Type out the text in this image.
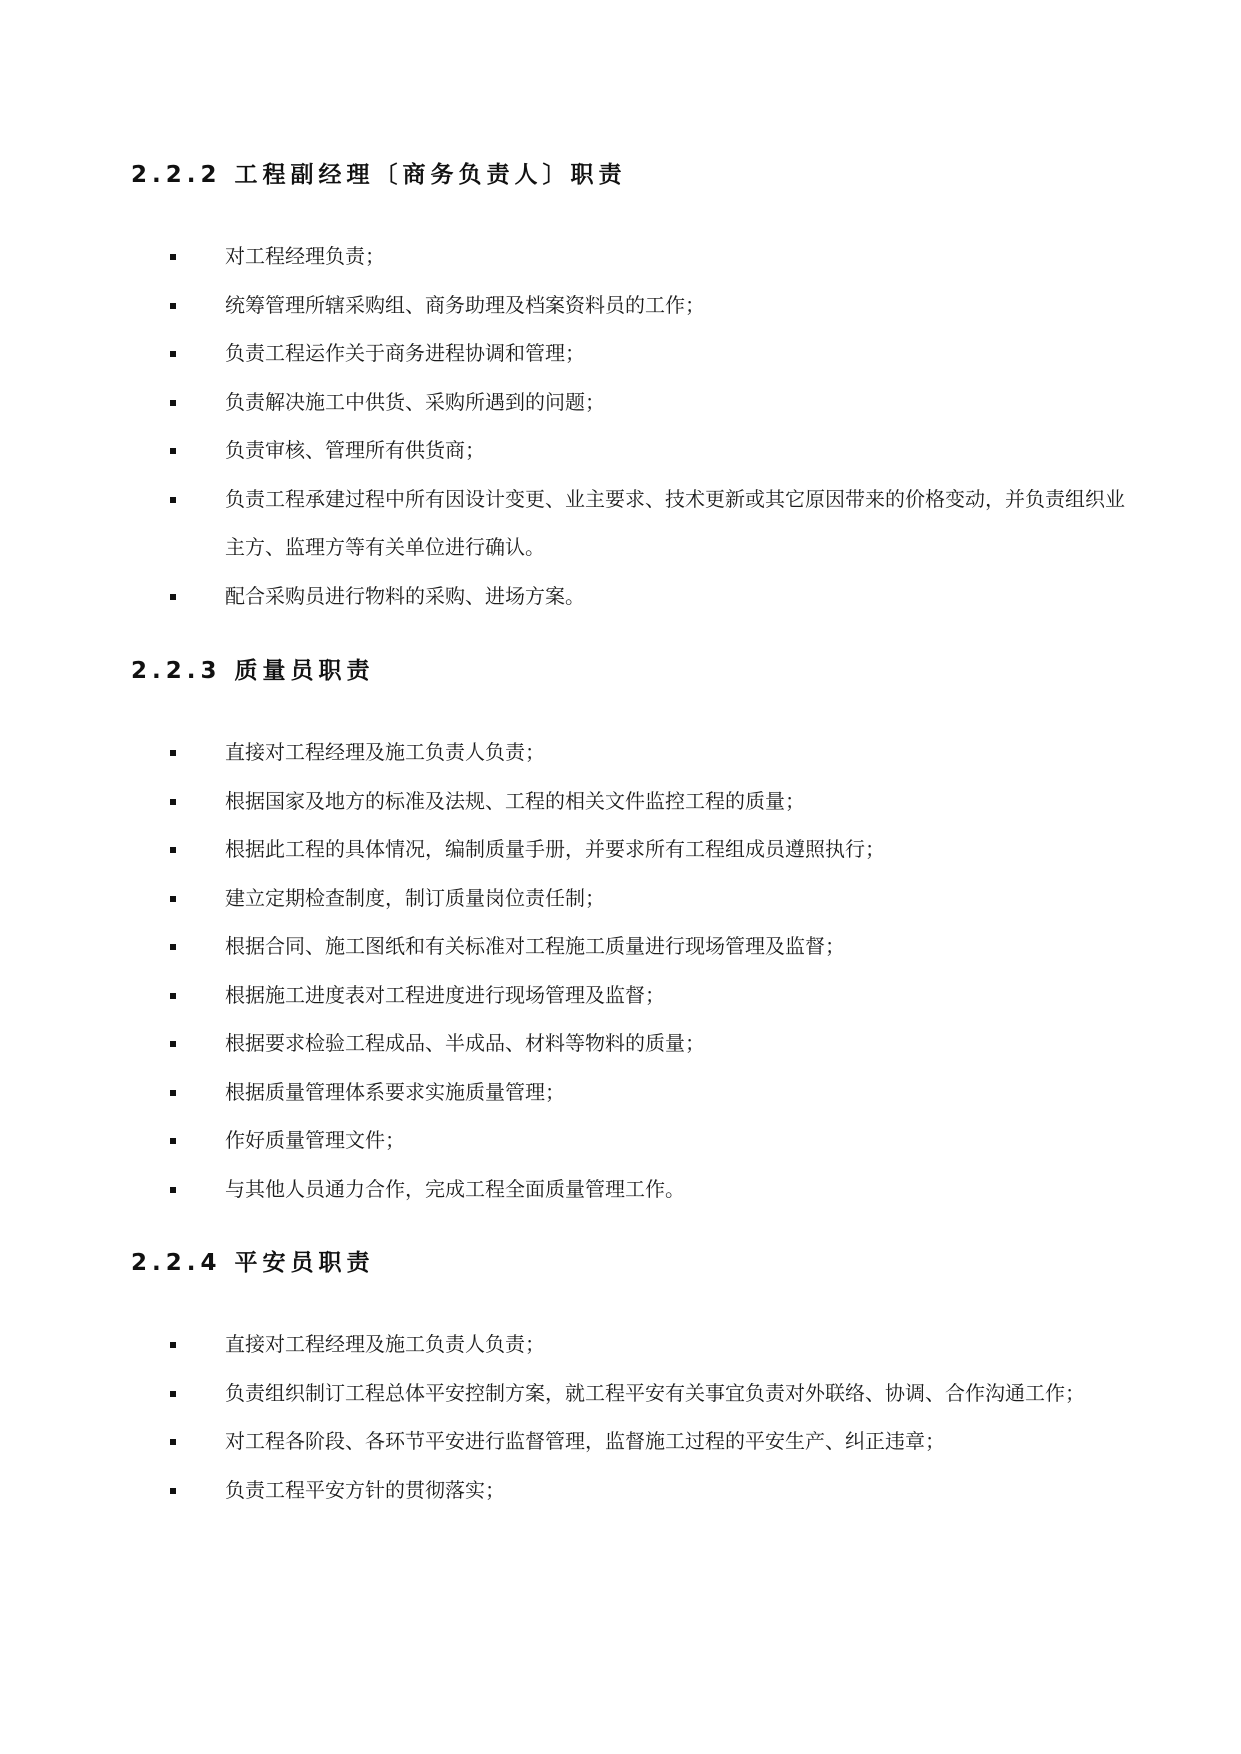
2.2.2 工程副经理〔商务负责人〕职责
对工程经理负责；
统筹管理所辖采购组、商务助理及档案资料员的工作；
负责工程运作关于商务进程协调和管理；
负责解决施工中供货、采购所遇到的问题；
负责审核、管理所有供货商；
负责工程承建过程中所有因设计变更、业主要求、技术更新或其它原因带来的价格变动，并负责组织业主方、监理方等有关单位进行确认。
配合采购员进行物料的采购、进场方案。
2.2.3 质量员职责
直接对工程经理及施工负责人负责；
根据国家及地方的标准及法规、工程的相关文件监控工程的质量；
根据此工程的具体情况，编制质量手册，并要求所有工程组成员遵照执行；
建立定期检查制度，制订质量岗位责任制；
根据合同、施工图纸和有关标准对工程施工质量进行现场管理及监督；
根据施工进度表对工程进度进行现场管理及监督；
根据要求检验工程成品、半成品、材料等物料的质量；
根据质量管理体系要求实施质量管理；
作好质量管理文件；
与其他人员通力合作，完成工程全面质量管理工作。
2.2.4 平安员职责
直接对工程经理及施工负责人负责；
负责组织制订工程总体平安控制方案，就工程平安有关事宜负责对外联络、协调、合作沟通工作；
对工程各阶段、各环节平安进行监督管理，监督施工过程的平安生产、纠正违章；
负责工程平安方针的贯彻落实；
